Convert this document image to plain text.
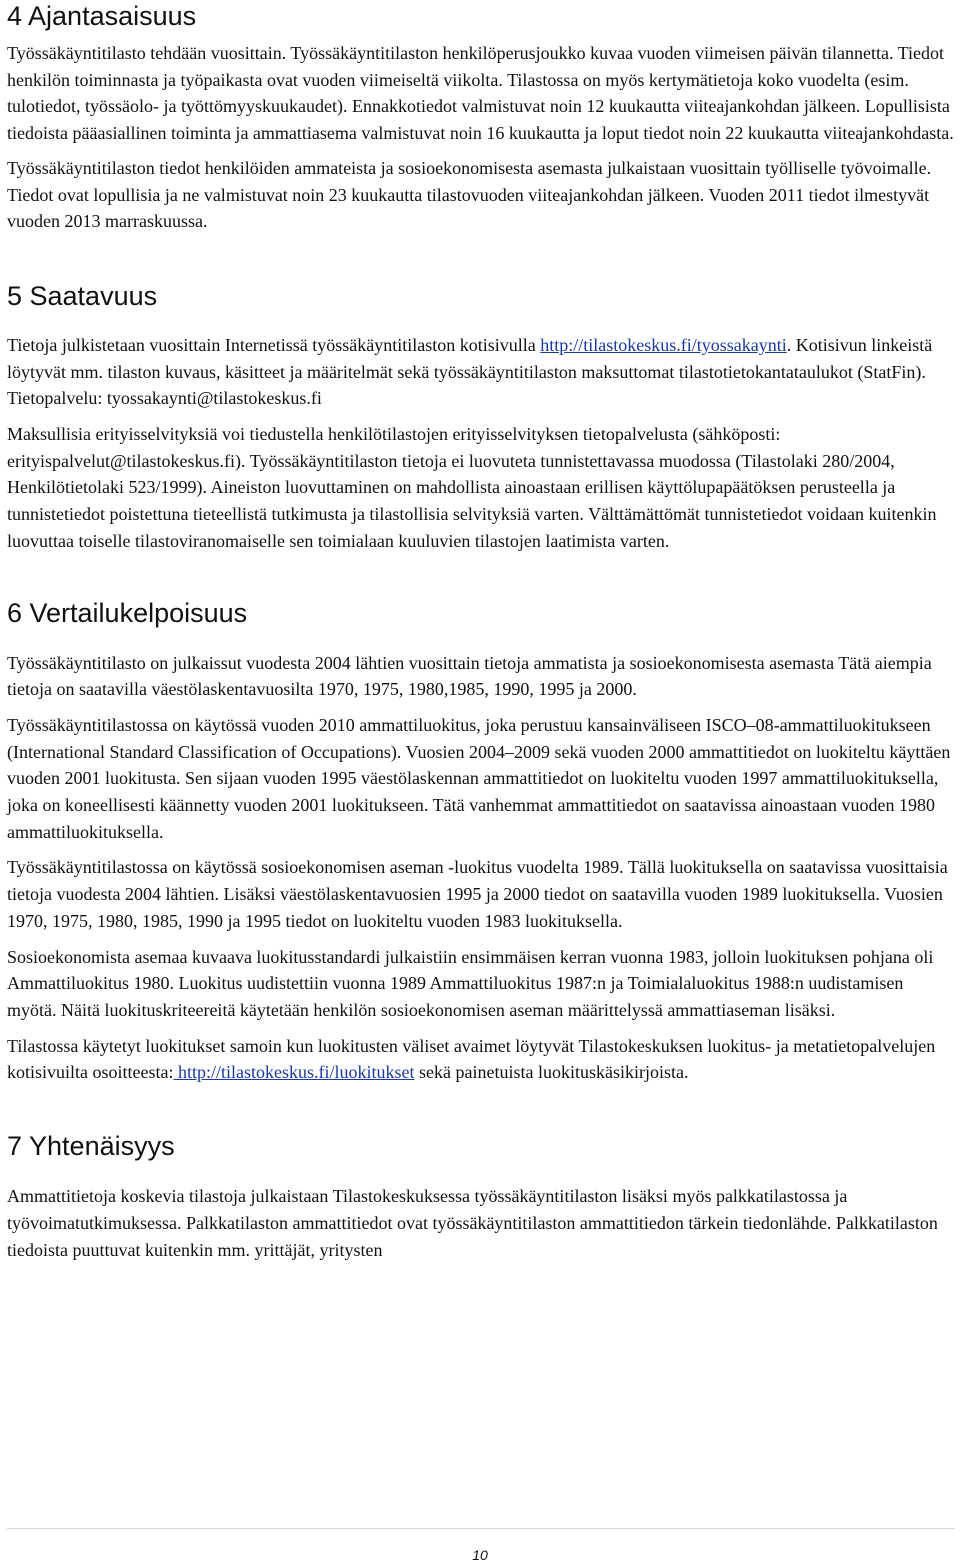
4 Ajantasaisuus

Työssäkäyntitilasto tehdään vuosittain. Työssäkäyntitilaston henkilöperusjoukko kuvaa vuoden viimeisen päivän tilannetta. Tiedot henkilön toiminnasta ja työpaikasta ovat vuoden viimeiseltä viikolta. Tilastossa on myös kertymätietoja koko vuodelta (esim. tulotiedot, työssäolo- ja työttömyyskuukaudet). Ennakkotiedot valmistuvat noin 12 kuukautta viiteajankohdan jälkeen. Lopullisista tiedoista pääasiallinen toiminta ja ammattiasema valmistuvat noin 16 kuukautta ja loput tiedot noin 22 kuukautta viiteajankohdasta.

Työssäkäyntitilaston tiedot henkilöiden ammateista ja sosioekonomisesta asemasta julkaistaan vuosittain työlliselle työvoimalle. Tiedot ovat lopullisia ja ne valmistuvat noin 23 kuukautta tilastovuoden viiteajankohdan jälkeen. Vuoden 2011 tiedot ilmestyvät vuoden 2013 marraskuussa.

5 Saatavuus

Tietoja julkistetaan vuosittain Internetissä työssäkäyntitilaston kotisivulla http://tilastokeskus.fi/tyossakaynti. Kotisivun linkeistä löytyvät mm. tilaston kuvaus, käsitteet ja määritelmät sekä työssäkäyntitilaston maksuttomat tilastotietokantataulukot (StatFin). Tietopalvelu: tyossakaynti@tilastokeskus.fi

Maksullisia erityisselvityksiä voi tiedustella henkilötilastojen erityisselvityksen tietopalvelusta (sähköposti: erityispalvelut@tilastokeskus.fi). Työssäkäyntitilaston tietoja ei luovuteta tunnistettavassa muodossa (Tilastolaki 280/2004, Henkilötietolaki 523/1999). Aineiston luovuttaminen on mahdollista ainoastaan erillisen käyttölupapäätöksen perusteella ja tunnistetiedot poistettuna tieteellistä tutkimusta ja tilastollisia selvityksiä varten. Välttämättömät tunnistetiedot voidaan kuitenkin luovuttaa toiselle tilastoviranomaiselle sen toimialaan kuuluvien tilastojen laatimista varten.

6 Vertailukelpoisuus

Työssäkäyntitilasto on julkaissut vuodesta 2004 lähtien vuosittain tietoja ammatista ja sosioekonomisesta asemasta Tätä aiempia tietoja on saatavilla väestölaskentavuosilta 1970, 1975, 1980,1985, 1990, 1995 ja 2000.

Työssäkäyntitilastossa on käytössä vuoden 2010 ammattiluokitus, joka perustuu kansainväliseen ISCO–08-ammattiluokitukseen (International Standard Classification of Occupations). Vuosien 2004–2009 sekä vuoden 2000 ammattitiedot on luokiteltu käyttäen vuoden 2001 luokitusta. Sen sijaan vuoden 1995 väestölaskennan ammattitiedot on luokiteltu vuoden 1997 ammattiluokituksella, joka on koneellisesti käännetty vuoden 2001 luokitukseen. Tätä vanhemmat ammattitiedot on saatavissa ainoastaan vuoden 1980 ammattiluokituksella.

Työssäkäyntitilastossa on käytössä sosioekonomisen aseman -luokitus vuodelta 1989. Tällä luokituksella on saatavissa vuosittaisia tietoja vuodesta 2004 lähtien. Lisäksi väestölaskentavuosien 1995 ja 2000 tiedot on saatavilla vuoden 1989 luokituksella. Vuosien 1970, 1975, 1980, 1985, 1990 ja 1995 tiedot on luokiteltu vuoden 1983 luokituksella.

Sosioekonomista asemaa kuvaava luokitusstandardi julkaistiin ensimmäisen kerran vuonna 1983, jolloin luokituksen pohjana oli Ammattiluokitus 1980. Luokitus uudistettiin vuonna 1989 Ammattiluokitus 1987:n ja Toimialaluokitus 1988:n uudistamisen myötä. Näitä luokituskriteereitä käytetään henkilön sosioekonomisen aseman määrittelyssä ammattiaseman lisäksi.

Tilastossa käytetyt luokitukset samoin kun luokitusten väliset avaimet löytyvät Tilastokeskuksen luokitus- ja metatietopalvelujen kotisivuilta osoitteesta: http://tilastokeskus.fi/luokitukset sekä painetuista luokituskäsikirjoista.

7 Yhtenäisyys

Ammattitietoja koskevia tilastoja julkaistaan Tilastokeskuksessa työssäkäyntitilaston lisäksi myös palkkatilastossa ja työvoimatutkimuksessa. Palkkatilaston ammattitiedot ovat työssäkäyntitilaston ammattitiedon tärkein tiedonlähde. Palkkatilaston tiedoista puuttuvat kuitenkin mm. yrittäjät, yritysten

10
